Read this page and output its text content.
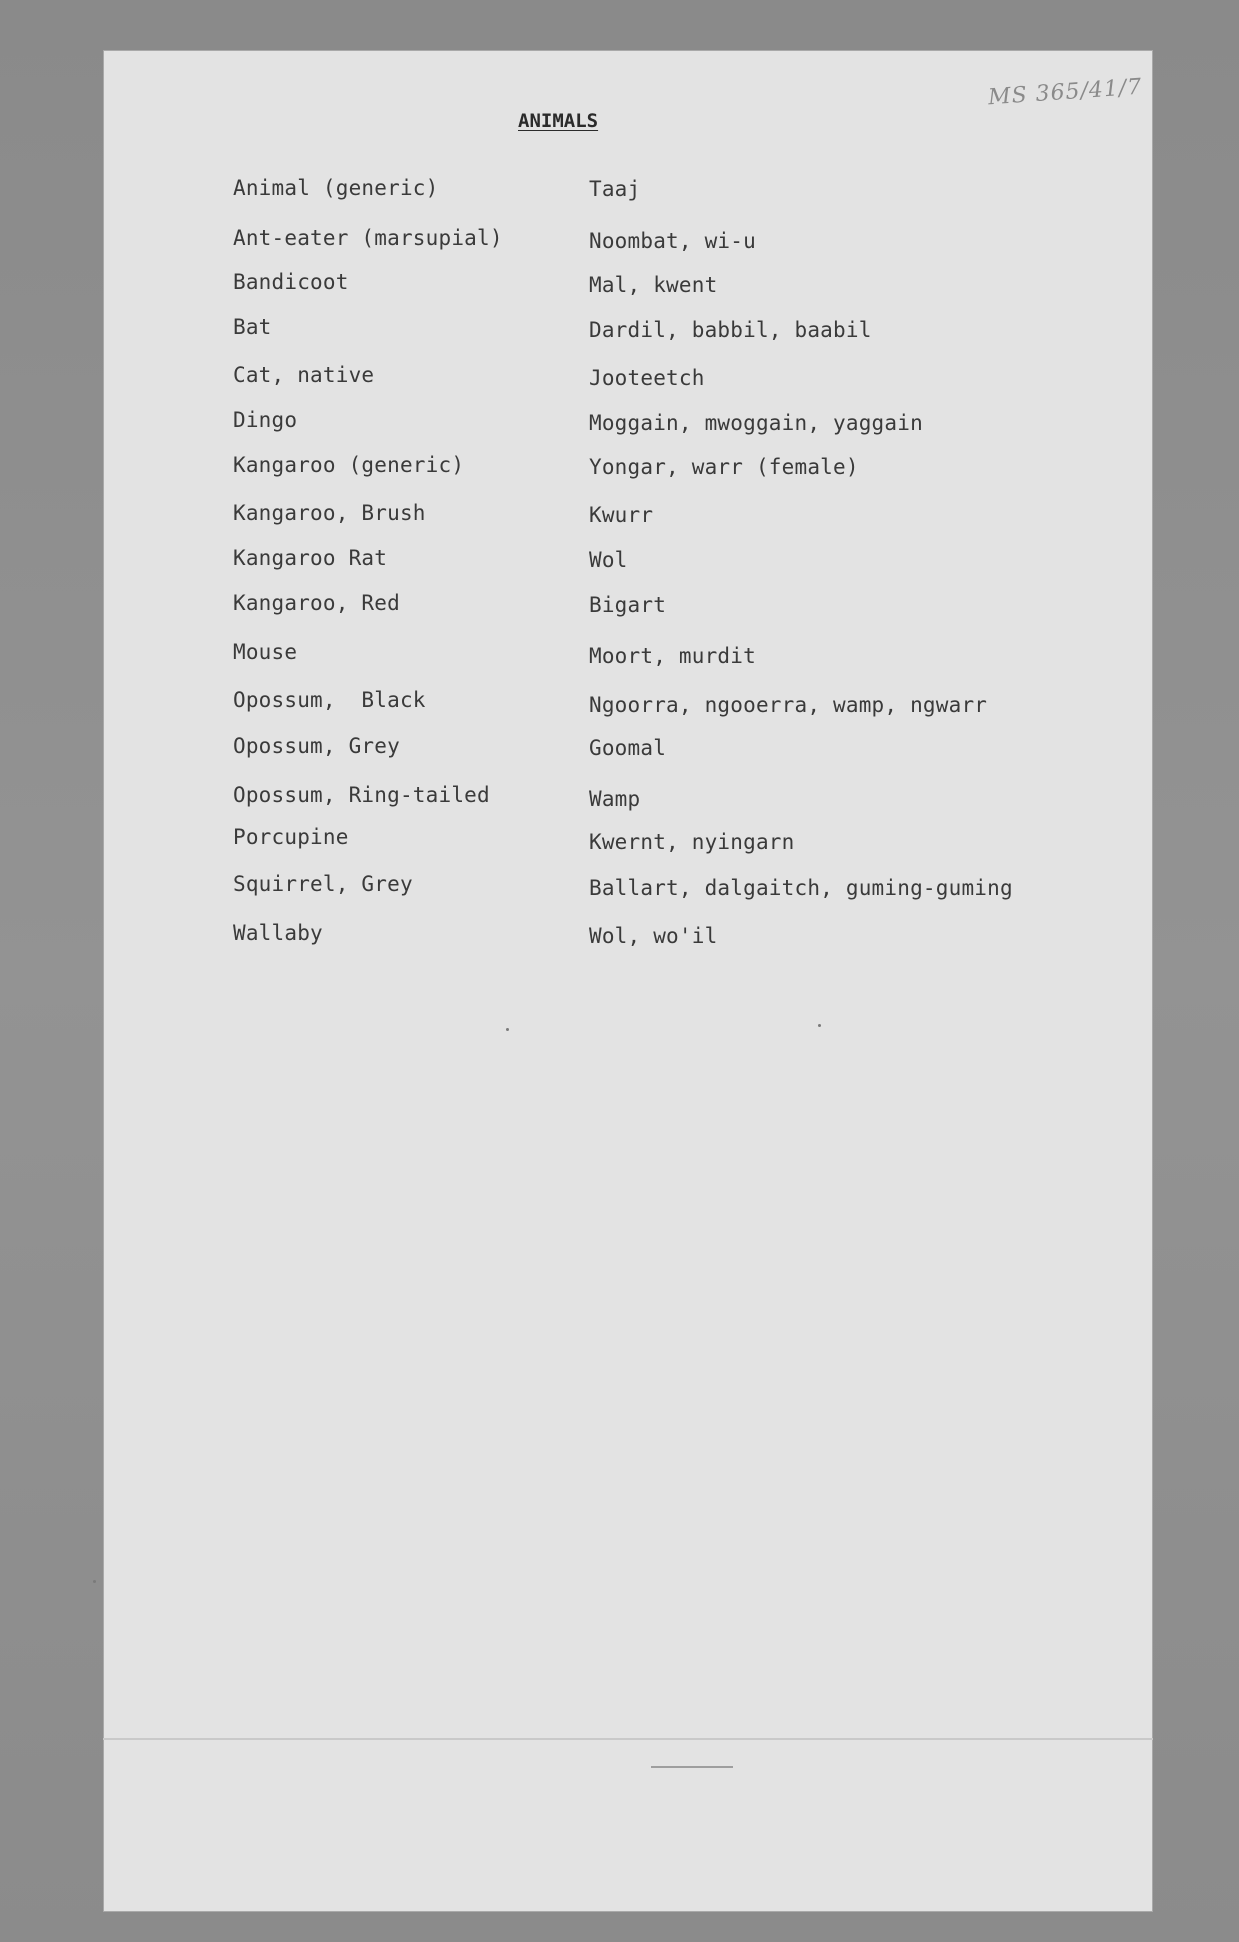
MS 365/41/7
ANIMALS
Animal (generic)	Taaj
Ant-eater (marsupial)	Noombat, wi-u
Bandicoot	Mal, kwent
Bat	Dardil, babbil, baabil
Cat, native	Jooteetch
Dingo	Moggain, mwoggain, yaggain
Kangaroo (generic)	Yongar, warr (female)
Kangaroo, Brush	Kwurr
Kangaroo Rat	Wol
Kangaroo, Red	Bigart
Mouse	Moort, murdit
Opossum,  Black	Ngoorra, ngooerra, wamp, ngwarr
Opossum, Grey	Goomal
Opossum, Ring-tailed	Wamp
Porcupine	Kwernt, nyingarn
Squirrel, Grey	Ballart, dalgaitch, guming-guming
Wallaby	Wol, wo'il
